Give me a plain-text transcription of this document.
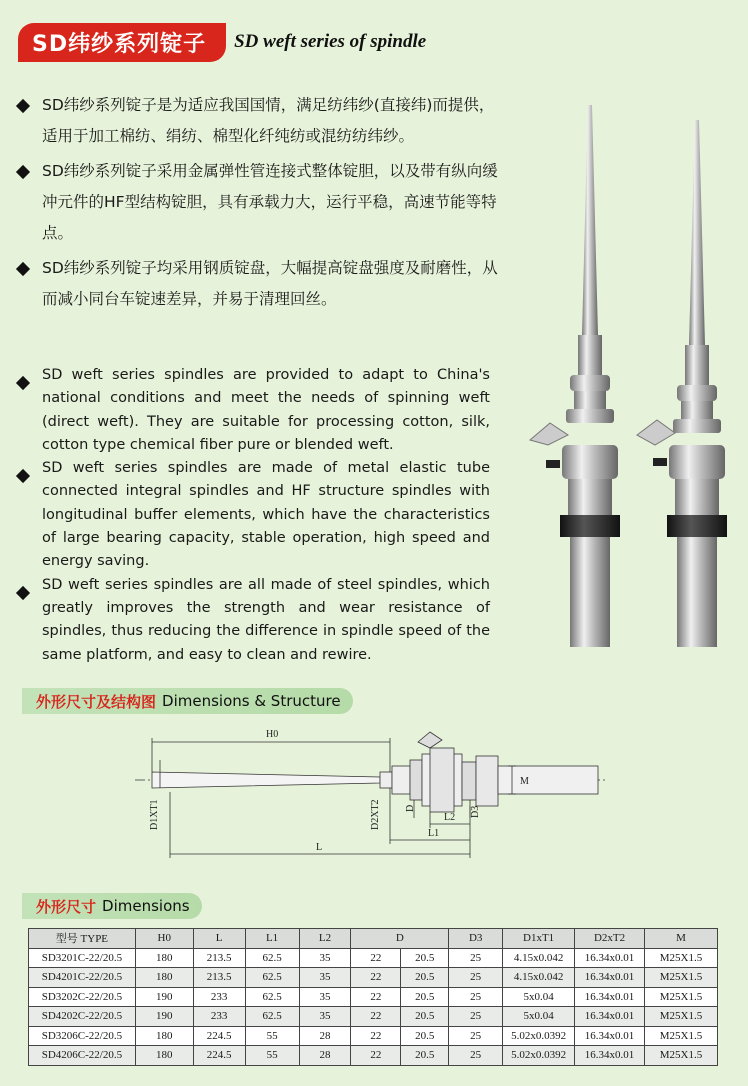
SD纬纱系列锭子	SD weft series of spindle
SD纬纱系列锭子是为适应我国国情，满足纺纬纱(直接纬)而提供，适用于加工棉纺、绢纺、棉型化纤纯纺或混纺纺纬纱。
SD纬纱系列锭子采用金属弹性管连接式整体锭胆，以及带有纵向缓冲元件的HF型结构锭胆，具有承载力大，运行平稳，高速节能等特点。
SD纬纱系列锭子均采用钢质锭盘，大幅提高锭盘强度及耐磨性，从而减小同台车锭速差异，并易于清理回丝。
SD weft series spindles are provided to adapt to China's national conditions and meet the needs of spinning weft (direct weft). They are suitable for processing cotton, silk, cotton type chemical fiber pure or blended weft.
SD weft series spindles are made of metal elastic tube connected integral spindles and HF structure spindles with longitudinal buffer elements, which have the characteristics of large bearing capacity, stable operation, high speed and energy saving.
SD weft series spindles are all made of steel spindles, which greatly improves the strength and wear resistance of spindles, thus reducing the difference in spindle speed of the same platform, and easy to clean and rewire.
外形尺寸及结构图 Dimensions & Structure
H0
L
L1
L2
M
D	D3
D1XT1	D2XT2
外形尺寸 Dimensions
型号 TYPE	H0	L	L1	L2	D		D3	D1xT1	D2xT2	M
SD3201C-22/20.5	180	213.5	62.5	35	22	20.5	25	4.15x0.042	16.34x0.01	M25X1.5
SD4201C-22/20.5	180	213.5	62.5	35	22	20.5	25	4.15x0.042	16.34x0.01	M25X1.5
SD3202C-22/20.5	190	233	62.5	35	22	20.5	25	5x0.04	16.34x0.01	M25X1.5
SD4202C-22/20.5	190	233	62.5	35	22	20.5	25	5x0.04	16.34x0.01	M25X1.5
SD3206C-22/20.5	180	224.5	55	28	22	20.5	25	5.02x0.0392	16.34x0.01	M25X1.5
SD4206C-22/20.5	180	224.5	55	28	22	20.5	25	5.02x0.0392	16.34x0.01	M25X1.5
